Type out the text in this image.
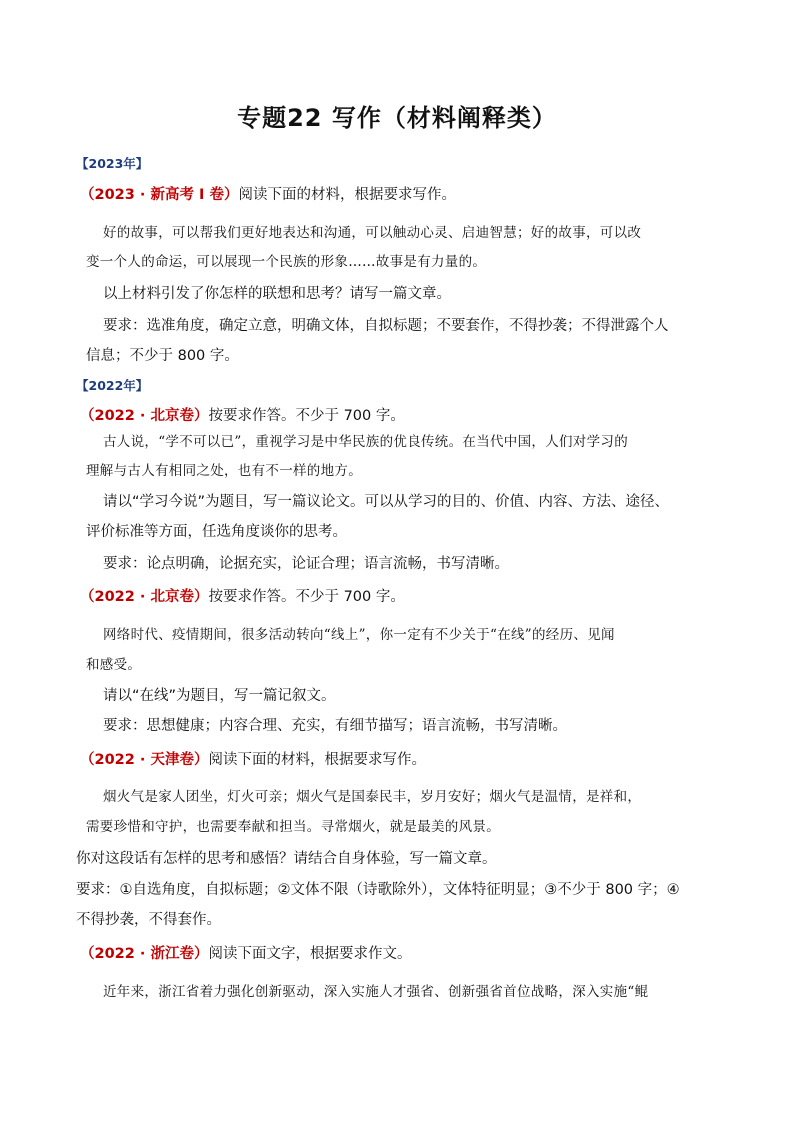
专题22 写作（材料阐释类）
【2023年】
（2023 · 新高考 I 卷）阅读下面的材料，根据要求写作。
好的故事，可以帮我们更好地表达和沟通，可以触动心灵、启迪智慧；好的故事，可以改
变一个人的命运，可以展现一个民族的形象……故事是有力量的。
以上材料引发了你怎样的联想和思考？请写一篇文章。
要求：选准角度，确定立意，明确文体，自拟标题；不要套作，不得抄袭；不得泄露个人
信息；不少于 800 字。
【2022年】
（2022 · 北京卷）按要求作答。不少于 700 字。
古人说，“学不可以已”，重视学习是中华民族的优良传统。在当代中国，人们对学习的
理解与古人有相同之处，也有不一样的地方。
请以“学习今说”为题目，写一篇议论文。可以从学习的目的、价值、内容、方法、途径、
评价标准等方面，任选角度谈你的思考。
要求：论点明确，论据充实，论证合理；语言流畅，书写清晰。
（2022 · 北京卷）按要求作答。不少于 700 字。
网络时代、疫情期间，很多活动转向“线上”，你一定有不少关于“在线”的经历、见闻
和感受。
请以“在线”为题目，写一篇记叙文。
要求：思想健康；内容合理、充实，有细节描写；语言流畅，书写清晰。
（2022 · 天津卷）阅读下面的材料，根据要求写作。
烟火气是家人团坐，灯火可亲；烟火气是国泰民丰，岁月安好；烟火气是温情，是祥和，
需要珍惜和守护，也需要奉献和担当。寻常烟火，就是最美的风景。
你对这段话有怎样的思考和感悟？请结合自身体验，写一篇文章。
要求：①自选角度，自拟标题；②文体不限（诗歌除外），文体特征明显；③不少于 800 字；④
不得抄袭，不得套作。
（2022 · 浙江卷）阅读下面文字，根据要求作文。
近年来，浙江省着力强化创新驱动，深入实施人才强省、创新强省首位战略，深入实施“鲲
